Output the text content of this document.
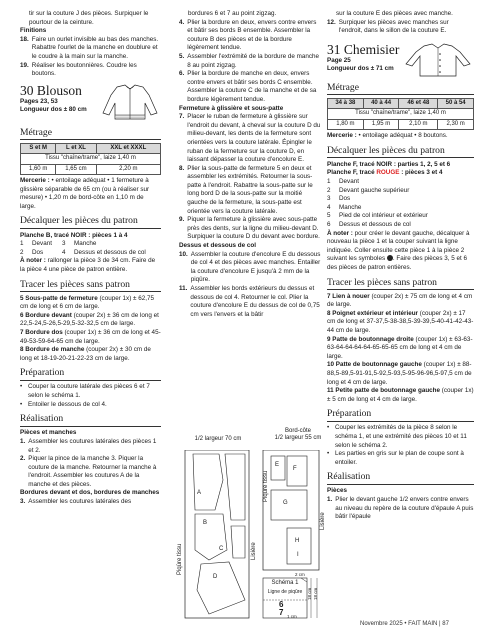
tir sur la couture J des pièces. Surpiquer le pourtour de la ceinture.

Finitions

18. Faire un ourlet invisible au bas des manches. Rabattre l'ourlet de la manche en doublure et le coudre à la main sur la manche.
19. Réaliser les boutonnières. Coudre les boutons.

30 Blouson

Pages 23, 53

Longueur dos ± 80 cm

Métrage

S et M	L et XL	XXL et XXXL
Tissu "chaîne/trame", laize 1,40 m		
1,60 m	1,65 cm	2,20 m

Mercerie : • entoilage adéquat • 1 fermeture à glissière séparable de 65 cm (ou à réaliser sur mesure) • 1,20 m de bord-côte en 1,10 m de large.

Décalquer les pièces du patron

Planche B, tracé NOIR : pièces 1 à 4

1	Devant	3	Manche
2	Dos	4	Dessus et dessous de col

À noter : rallonger la pièce 3 de 34 cm. Faire de la pièce 4 une pièce de patron entière.

Tracer les pièces sans patron

5 Sous-patte de fermeture (couper 1x) ± 62,75 cm de long et 6 cm de large.

6 Bordure devant (couper 2x) ± 36 cm de long et 22,5-24,5-26,5-29,5-32-32,5 cm de large.

7 Bordure dos (couper 1x) ± 36 cm de long et 45-49-53-59-64-65 cm de large.

8 Bordure de manche (couper 2x) ± 30 cm de long et 18-19-20-21-22-23 cm de large.

Préparation

• Couper la couture latérale des pièces 6 et 7 selon le schéma 1.
• Entoiler le dessous de col 4.

Réalisation

Pièces et manches

1. Assembler les coutures latérales des pièces 1 et 2.
2. Piquer la pince de la manche 3. Piquer la couture de la manche. Retourner la manche à l'endroit. Assembler les coutures A de la manche et des pièces.

Bordures devant et dos, bordures de manches

3. Assembler les coutures latérales des

bordures 6 et 7 au point zigzag.

4. Plier la bordure en deux, envers contre envers et bâtir ses bords B ensemble. Assembler la couture B des pièces et de la bordure légèrement tendue.
5. Assembler l'extrémité de la bordure de manche 8 au point zigzag.
6. Plier la bordure de manche en deux, envers contre envers et bâtir ses bords C ensemble. Assembler la couture C de la manche et de sa bordure légèrement tendue.

Fermeture à glissière et sous-patte

7. Placer le ruban de fermeture à glissière sur l'endroit du devant, à cheval sur la couture D du milieu-devant, les dents de la fermeture sont orientées vers la couture latérale. Épingler le ruban de la fermeture sur la couture D, en laissant dépasser la couture d'encolure E.
8. Plier la sous-patte de fermeture 5 en deux et assembler les extrémités. Retourner la sous-patte à l'endroit. Rabattre la sous-patte sur le long bord D de la sous-patte sur la moitié gauche de la fermeture, la sous-patte est orientée vers la couture latérale.
9. Piquer la fermeture à glissière avec sous-patte près des dents, sur la ligne du milieu-devant D. Surpiquer la couture D du devant avec bordure.

Dessus et dessous de col

10. Assembler la couture d'encolure E du dessous de col 4 et des pièces avec manches. Entailler la couture d'encolure E jusqu'à 2 mm de la piqûre.
11. Assembler les bords extérieurs du dessus et dessous de col 4. Retourner le col. Plier la couture d'encolure E du dessus de col de 0,75 cm vers l'envers et la bâtir
1/2 largeur 70 cm
Bord-côte
1/2 largeur 55 cm
A
B
C
D
E
F
G
H
I
Piqûre tissu
Piqûre tissu
Lisière
Lisière
Schéma 1
Ligne de piqûre
6
7
2 cm
18 cm 18 cm
1 cm

sur la couture E des pièces avec manche.

12. Surpiquer les pièces avec manches sur l'endroit, dans le sillon de la couture E.

31 Chemisier

Page 25

Longueur dos ± 71 cm

Métrage

34 à 38	40 à 44	46 et 48	50 à 54
Tissu "chaîne/trame", laize 1,40 m			
1,80 m	1,95 m	2,10 m	2,30 m

Mercerie : • entoilage adéquat • 8 boutons.

Décalquer les pièces du patron

Planche F, tracé NOIR : parties 1, 2, 5 et 6

Planche F, tracé ROUGE : pièces 3 et 4

1	Devant
2	Devant gauche supérieur
3	Dos
4	Manche
5	Pied de col intérieur et extérieur
6	Dessus et dessous de col

À noter : pour créer le devant gauche, décalquer à nouveau la pièce 1 et la couper suivant la ligne indiquée. Coller ensuite cette pièce 1 à la pièce 2 suivant les symboles . Faire des pièces 3, 5 et 6 des pièces de patron entières.

Tracer les pièces sans patron

7 Lien à nouer (couper 2x) ± 75 cm de long et 4 cm de large.

8 Poignet extérieur et intérieur (couper 2x) ± 17 cm de long et 37-37,5-38-38,5-39-39,5-40-41-42-43-44 cm de large.

9 Patte de boutonnage droite (couper 1x) ± 63-63-63-64-64-64-64-65-65-65 cm de long et 4 cm de large.

10 Patte de boutonnage gauche (couper 1x) ± 88-88,5-89,5-91-91,5-92,5-93,5-95-96-96,5-97,5 cm de long et 4 cm de large.

11 Petite patte de boutonnage gauche (couper 1x) ± 5 cm de long et 4 cm de large.

Préparation

• Couper les extrémités de la pièce 8 selon le schéma 1, et une extrémité des pièces 10 et 11 selon le schéma 2.
• Les parties en gris sur le plan de coupe sont à entoiler.

Réalisation

Pièces

1. Plier le devant gauche 1/2 envers contre envers au niveau du repère de la couture d'épaule A puis bâtir l'épaule
Novembre 2025 • FAIT MAIN | 87
